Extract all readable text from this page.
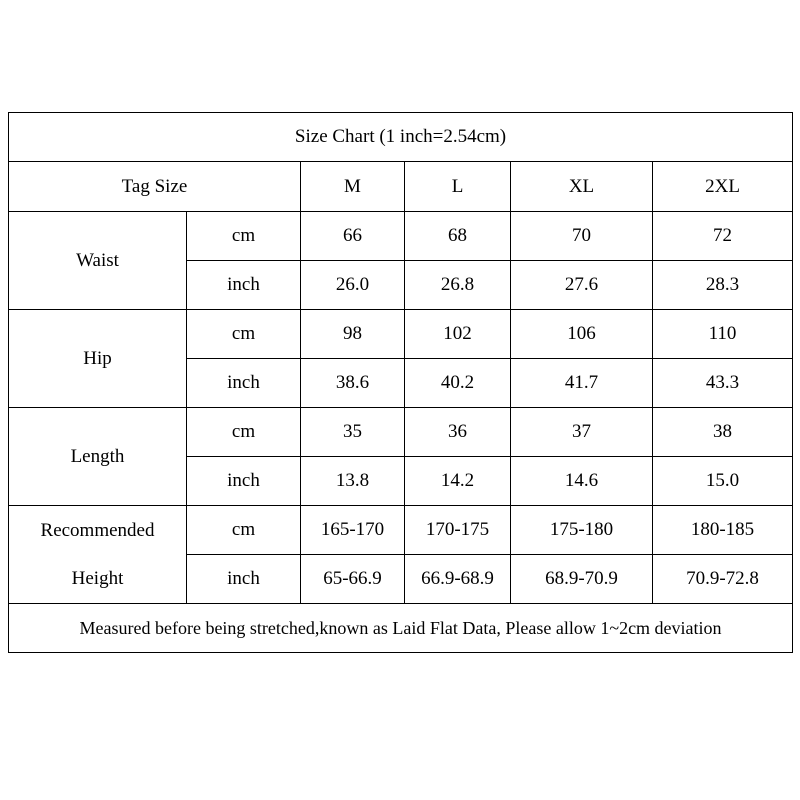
Size Chart (1 inch=2.54cm)					
Tag Size		M	L	XL	2XL
Waist	cm	66	68	70	72
	inch	26.0	26.8	27.6	28.3
Hip	cm	98	102	106	110
	inch	38.6	40.2	41.7	43.3
Length	cm	35	36	37	38
	inch	13.8	14.2	14.6	15.0
Recommended	cm	165-170	170-175	175-180	180-185
Height	inch	65-66.9	66.9-68.9	68.9-70.9	70.9-72.8
Measured before being stretched,known as Laid Flat Data, Please allow 1~2cm deviation					
